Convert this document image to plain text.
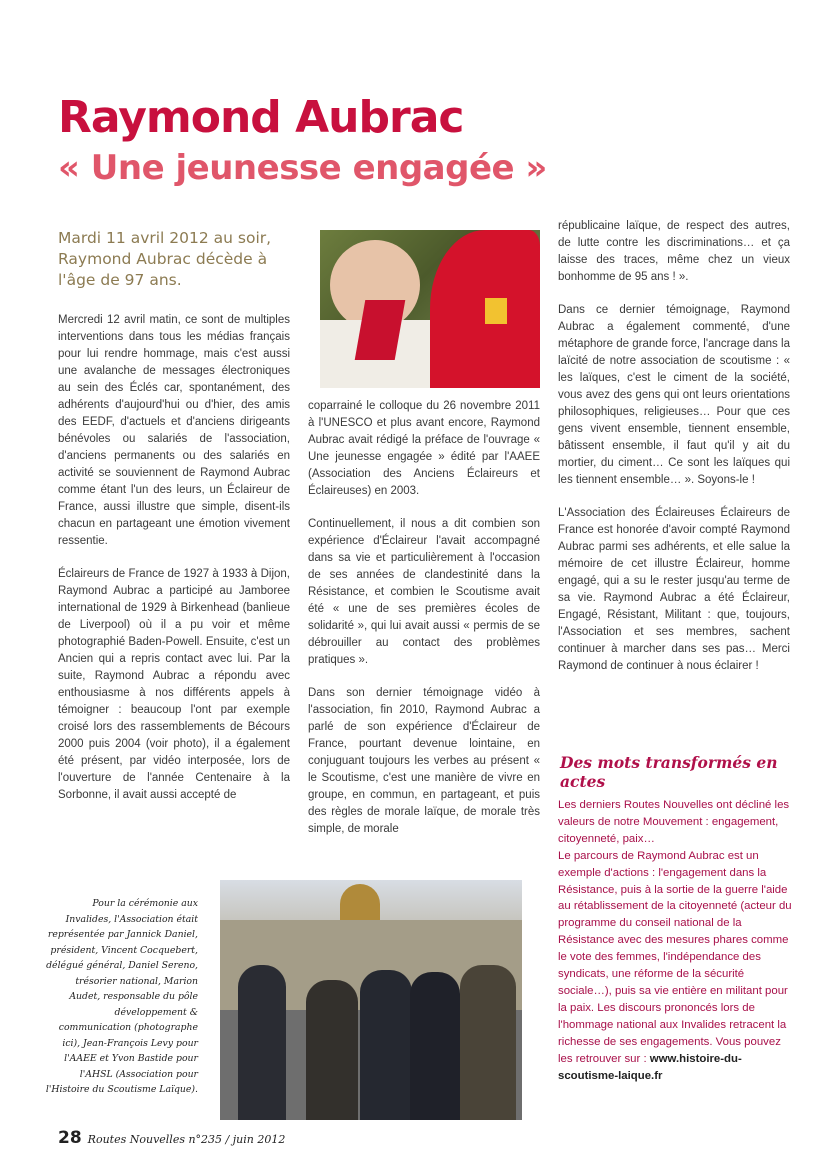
Raymond Aubrac
« Une jeunesse engagée »
Mardi 11 avril 2012 au soir, Raymond Aubrac décède à l'âge de 97 ans.

Mercredi 12 avril matin, ce sont de multiples interventions dans tous les médias français pour lui rendre hommage, mais c'est aussi une avalanche de messages électroniques au sein des Éclés car, spontanément, des adhérents d'aujourd'hui ou d'hier, des amis des EEDF, d'actuels et d'anciens dirigeants bénévoles ou salariés de l'association, d'anciens permanents ou des salariés en activité se souviennent de Raymond Aubrac comme étant l'un des leurs, un Éclaireur de France, aussi illustre que simple, disent-ils chacun en partageant une émotion vivement ressentie.

Éclaireurs de France de 1927 à 1933 à Dijon, Raymond Aubrac a participé au Jamboree international de 1929 à Birkenhead (banlieue de Liverpool) où il a pu voir et même photographié Baden-Powell. Ensuite, c'est un Ancien qui a repris contact avec lui. Par la suite, Raymond Aubrac a répondu avec enthousiasme à nos différents appels à témoigner : beaucoup l'ont par exemple croisé lors des rassemblements de Bécours 2000 puis 2004 (voir photo), il a également été présent, par vidéo interposée, lors de l'ouverture de l'année Centenaire à la Sorbonne, il avait aussi accepté de

coparrainé le colloque du 26 novembre 2011 à l'UNESCO et plus avant encore, Raymond Aubrac avait rédigé la préface de l'ouvrage « Une jeunesse engagée » édité par l'AAEE (Association des Anciens Éclaireurs et Éclaireuses) en 2003.

Continuellement, il nous a dit combien son expérience d'Éclaireur l'avait accompagné dans sa vie et particulièrement à l'occasion de ses années de clandestinité dans la Résistance, et combien le Scoutisme avait été « une de ses premières écoles de solidarité », qui lui avait aussi « permis de se débrouiller au contact des problèmes pratiques ».

Dans son dernier témoignage vidéo à l'association, fin 2010, Raymond Aubrac a parlé de son expérience d'Éclaireur de France, pourtant devenue lointaine, en conjuguant toujours les verbes au présent « le Scoutisme, c'est une manière de vivre en groupe, en commun, en partageant, et puis des règles de morale laïque, de morale très simple, de morale

républicaine laïque, de respect des autres, de lutte contre les discriminations… et ça laisse des traces, même chez un vieux bonhomme de 95 ans ! ».

Dans ce dernier témoignage, Raymond Aubrac a également commenté, d'une métaphore de grande force, l'ancrage dans la laïcité de notre association de scoutisme : « les laïques, c'est le ciment de la société, vous avez des gens qui ont leurs orientations philosophiques, religieuses… Pour que ces gens vivent ensemble, tiennent ensemble, bâtissent ensemble, il faut qu'il y ait du mortier, du ciment… Ce sont les laïques qui les tiennent ensemble… ». Soyons-le !

L'Association des Éclaireuses Éclaireurs de France est honorée d'avoir compté Raymond Aubrac parmi ses adhérents, et elle salue la mémoire de cet illustre Éclaireur, homme engagé, qui a su le rester jusqu'au terme de sa vie. Raymond Aubrac a été Éclaireur, Engagé, Résistant, Militant : que, toujours, l'Association et ses membres, sachent continuer à marcher dans ses pas… Merci Raymond de continuer à nous éclairer !

Des mots transformés en actes

Les derniers Routes Nouvelles ont décliné les valeurs de notre Mouvement : engagement, citoyenneté, paix…

Le parcours de Raymond Aubrac est un exemple d'actions : l'engagement dans la Résistance, puis à la sortie de la guerre l'aide au rétablissement de la citoyenneté (acteur du programme du conseil national de la Résistance avec des mesures phares comme le vote des femmes, l'indépendance des syndicats, une réforme de la sécurité sociale…), puis sa vie entière en militant pour la paix. Les discours prononcés lors de l'hommage national aux Invalides retracent la richesse de ses engagements. Vous pouvez les retrouver sur : www.histoire-du-scoutisme-laique.fr

Pour la cérémonie aux Invalides, l'Association était représentée par Jannick Daniel, président, Vincent Cocquebert, délégué général, Daniel Sereno, trésorier national, Marion Audet, responsable du pôle développement & communication (photographe ici), Jean-François Levy pour l'AAEE et Yvon Bastide pour l'AHSL (Association pour l'Histoire du Scoutisme Laïque).
28 Routes Nouvelles n°235 / juin 2012
